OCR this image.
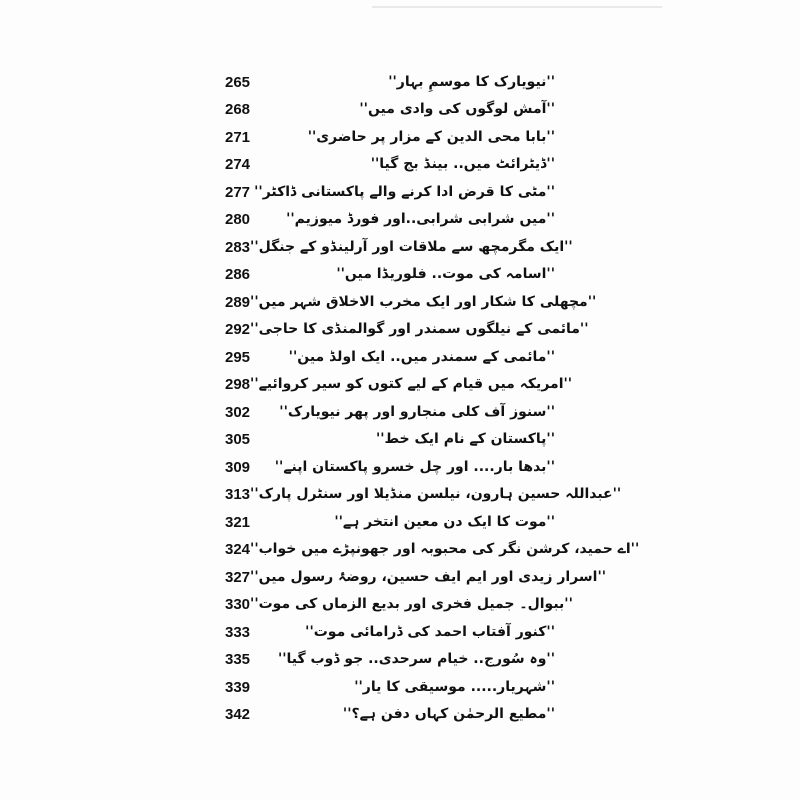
265	''نیویارک کا موسمِ بہار''
268	''آمش لوگوں کی وادی میں''
271	''بابا محی الدین کے مزار پر حاضری''
274	''ڈیٹرائٹ میں.. بینڈ بج گیا''
277 ''مٹی کا قرض ادا کرنے والے پاکستانی ڈاکٹر''
280	''میں شرابی شرابی..اور فورڈ میوزیم''
283 ''ایک مگرمچھ سے ملاقات اور آرلینڈو کے جنگل''
286	''اسامہ کی موت.. فلوریڈا میں''
289 ''مچھلی کا شکار اور ایک مخرب الاخلاق شہر میں''
292 ''مائمی کے نیلگوں سمندر اور گوالمنڈی کا حاجی''
295	''مائمی کے سمندر میں.. ایک اولڈ مین''
298 ''امریکہ میں قیام کے لیے کتوں کو سیر کروائیے''
302	''سنوز آف کلی منجارو اور پھر نیویارک''
305	''پاکستان کے نام ایک خط''
309	''بدھا بار.... اور چل خسرو پاکستان اپنے''
313 ''عبداللہ حسین ہارون، نیلسن منڈیلا اور سنٹرل پارک''
321	''موت کا ایک دن معین انتخر ہے''
324 ''اے حمید، کرشن نگر کی محبوبہ اور جھونپڑے میں خواب''
327 ''اسرار زیدی اور ایم ایف حسین، روضۂ رسول میں''
330 ''ببوال۔ جمیل فخری اور بدیع الزماں کی موت''
333	''کنور آفتاب احمد کی ڈرامائی موت''
335	''وہ سُورج.. خیام سرحدی.. جو ڈوب گیا''
339	''شہریار..... موسیقی کا یار''
342	''مطیع الرحمٰن کہاں دفن ہے؟''
